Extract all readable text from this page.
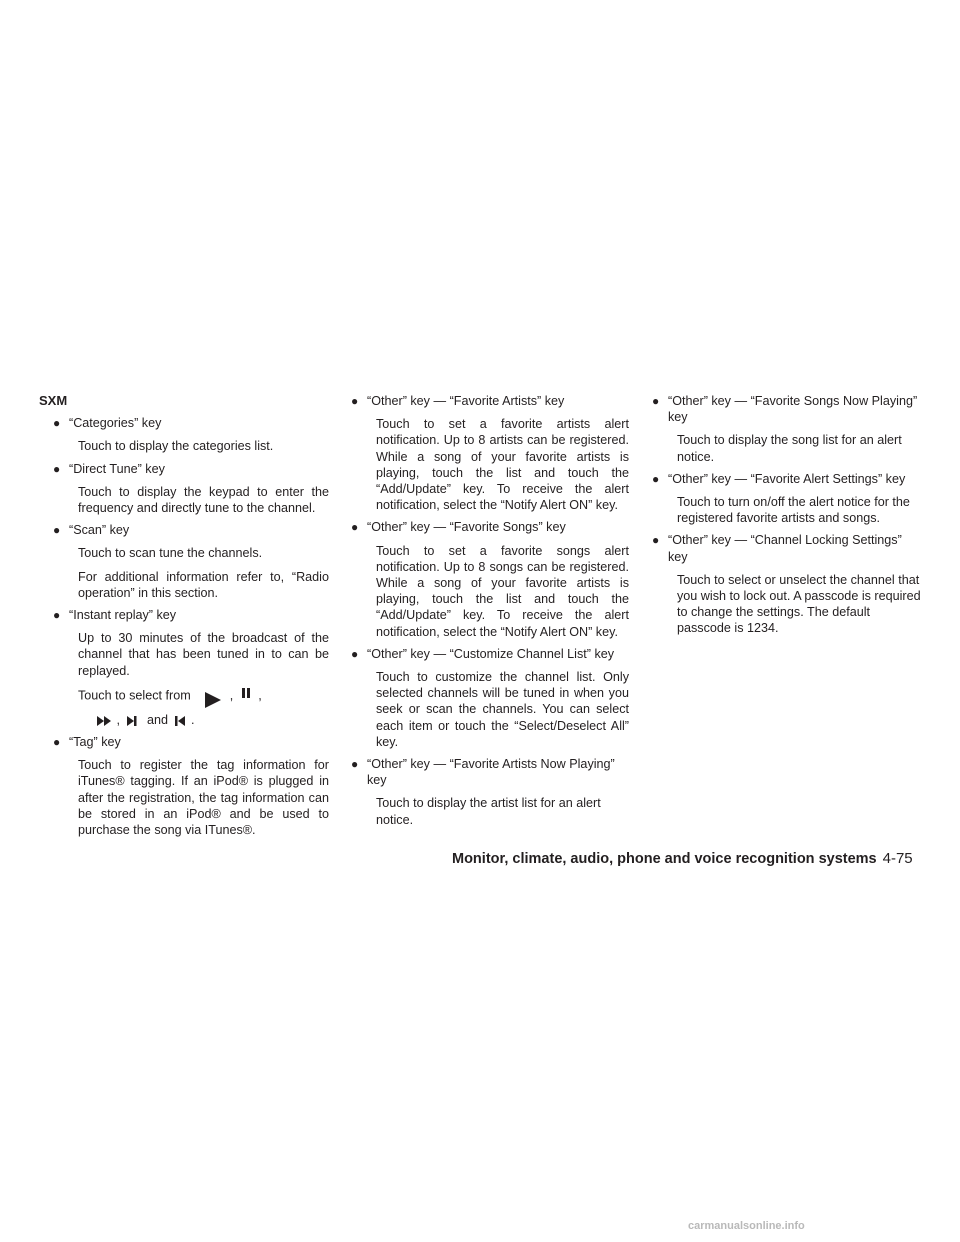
SXM
● “Categories” key

Touch to display the categories list.

● “Direct Tune” key

Touch to display the keypad to enter the frequency and directly tune to the channel.

● “Scan” key

Touch to scan tune the channels.

For additional information refer to, “Radio operation” in this section.

● “Instant replay” key

Up to 30 minutes of the broadcast of the channel that has been tuned in to can be replayed.

Touch to select from	, ,
, and .
● “Tag” key

Touch to register the tag information for iTunes® tagging. If an iPod® is plugged in after the registration, the tag information can be stored in an iPod® and be used to purchase the song via ITunes®.

● “Other” key — “Favorite Artists” key

Touch to set a favorite artists alert notification. Up to 8 artists can be registered. While a song of your favorite artists is playing, touch the list and touch the “Add/Update” key. To receive the alert notification, select the “Notify Alert ON” key.

● “Other” key — “Favorite Songs” key

Touch to set a favorite songs alert notification. Up to 8 songs can be registered. While a song of your favorite artists is playing, touch the list and touch the “Add/Update” key. To receive the alert notification, select the “Notify Alert ON” key.

● “Other” key — “Customize Channel List” key

Touch to customize the channel list. Only selected channels will be tuned in when you seek or scan the channels. You can select each item or touch the “Select/Deselect All” key.

● “Other” key — “Favorite Artists Now Playing” key

Touch to display the artist list for an alert notice.

● “Other” key — “Favorite Songs Now Playing” key

Touch to display the song list for an alert notice.

● “Other” key — “Favorite Alert Settings” key

Touch to turn on/off the alert notice for the registered favorite artists and songs.

● “Other” key — “Channel Locking Settings” key

Touch to select or unselect the channel that you wish to lock out. A passcode is required to change the settings. The default passcode is 1234.

Monitor, climate, audio, phone and voice recognition systems 4-75
carmanualsonline.info
